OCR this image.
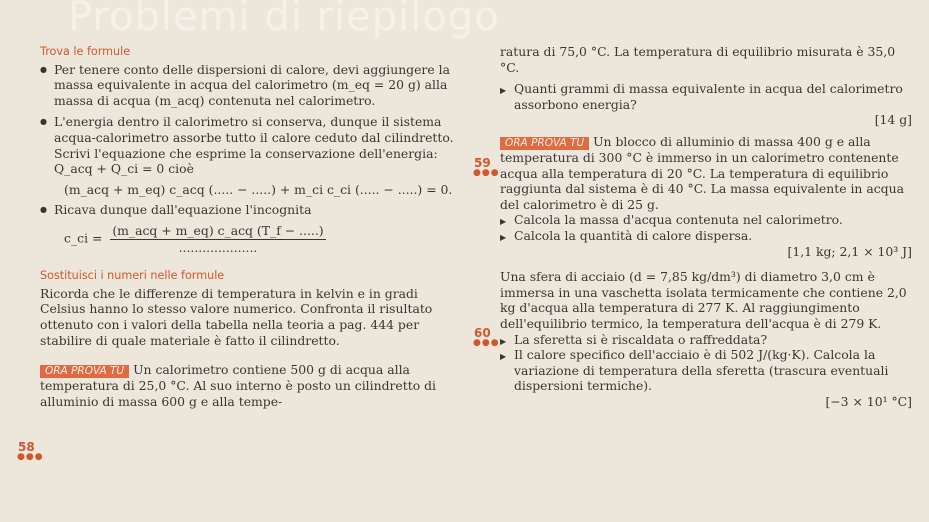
Problemi di riepilogo

Trova le formule

● Per tenere conto delle dispersioni di calore, devi aggiungere la massa equivalente in acqua del calorimetro (m_eq = 20 g) alla massa di acqua (m_acq) contenuta nel calorimetro.

● L'energia dentro il calorimetro si conserva, dunque il sistema acqua-calorimetro assorbe tutto il calore ceduto dal cilindretto. Scrivi l'equazione che esprime la conservazione dell'energia: Q_acq + Q_ci = 0 cioè

(m_acq + m_eq) c_acq (..... − .....) + m_ci c_ci (..... − .....) = 0.

● Ricava dunque dall'equazione l'incognita

c_ci = $\frac{\text{(m\_acq + m\_eq) c\_acq (T\_f − .....)}}{....................}$

Sostituisci i numeri nelle formule

Ricorda che le differenze di temperatura in kelvin e in gradi Celsius hanno lo stesso valore numerico. Confronta il risultato ottenuto con i valori della tabella nella teoria a pag. 444 per stabilire di quale materiale è fatto il cilindretto.

ORA PROVA TU Un calorimetro contiene 500 g di acqua alla temperatura di 25,0 °C. Al suo interno è posto un cilindretto di alluminio di massa 600 g e alla tempe-

58
●●●

ratura di 75,0 °C. La temperatura di equilibrio misurata è 35,0 °C.

▶ Quanti grammi di massa equivalente in acqua del calorimetro assorbono energia?

[14 g]

ORA PROVA TU Un blocco di alluminio di massa 400 g e alla temperatura di 300 °C è immerso in un calorimetro contenente acqua alla temperatura di 20 °C. La temperatura di equilibrio raggiunta dal sistema è di 40 °C. La massa equivalente in acqua del calorimetro è di 25 g.

▶ Calcola la massa d'acqua contenuta nel calorimetro.

▶ Calcola la quantità di calore dispersa.

[1,1 kg; 2,1 × 10³ J]

Una sfera di acciaio (d = 7,85 kg/dm³) di diametro 3,0 cm è immersa in una vaschetta isolata termicamente che contiene 2,0 kg d'acqua alla temperatura di 277 K. Al raggiungimento dell'equilibrio termico, la temperatura dell'acqua è di 279 K.

▶ La sferetta si è riscaldata o raffreddata?

▶ Il calore specifico dell'acciaio è di 502 J/(kg·K). Calcola la variazione di temperatura della sferetta (trascura eventuali dispersioni termiche).

[−3 × 10¹ °C]

59
●●●
60
●●●
